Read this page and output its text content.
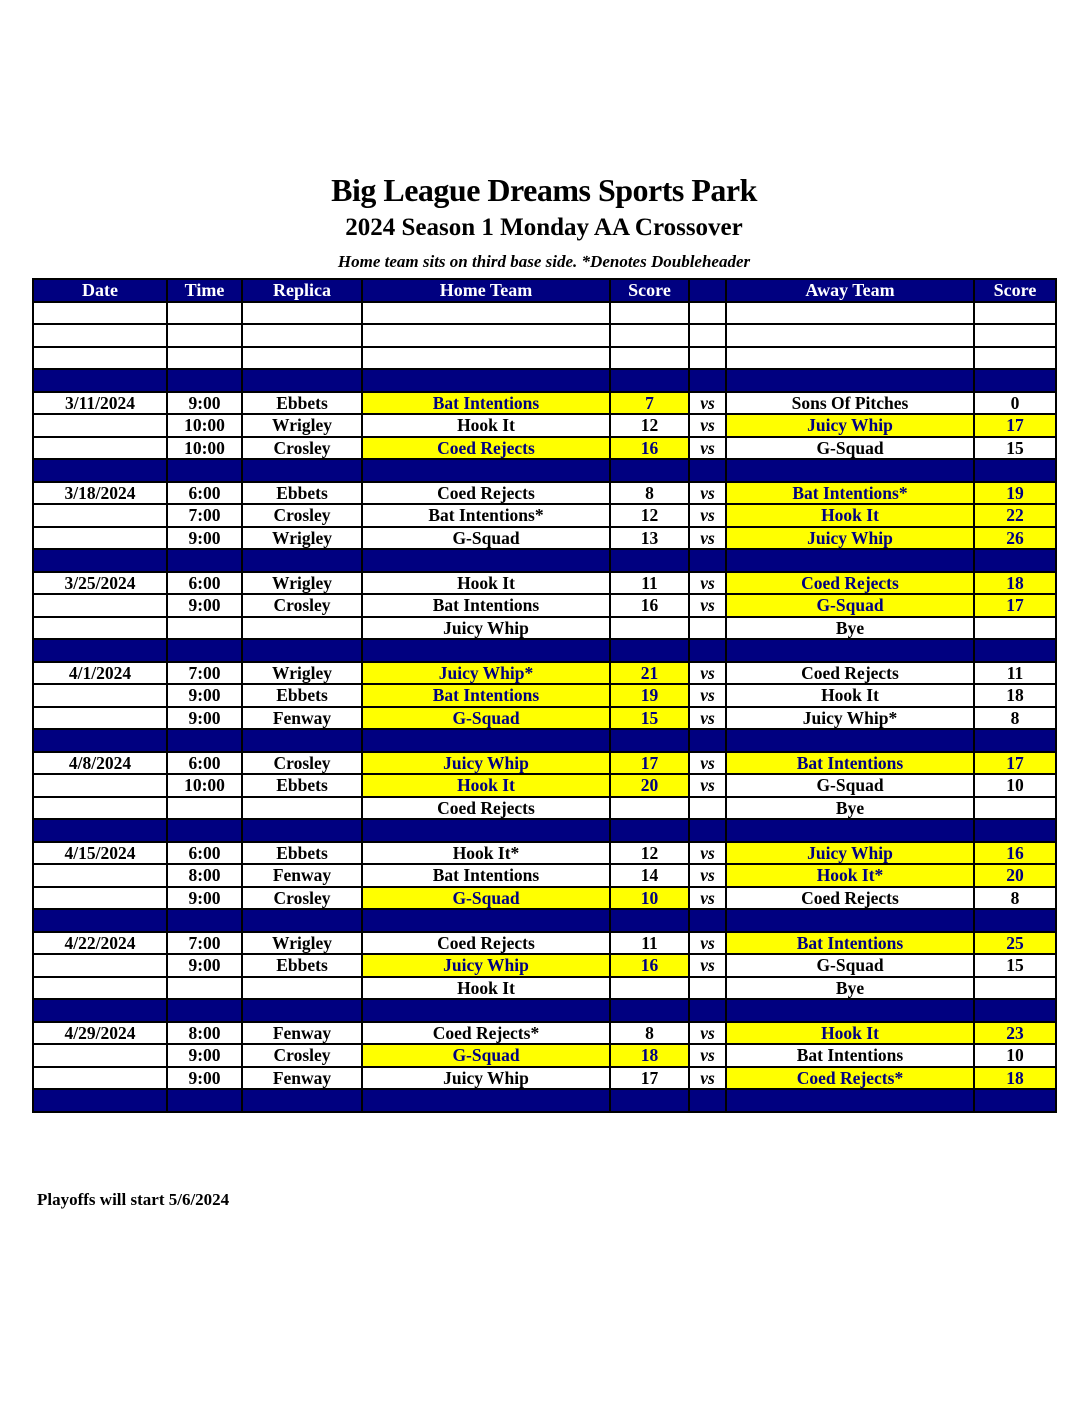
Big League Dreams Sports Park
2024 Season 1 Monday AA Crossover
Home team sits on third base side. *Denotes Doubleheader
Date	Time	Replica	Home Team	Score		Away Team	Score

3/11/2024	9:00	Ebbets	Bat Intentions	7	vs	Sons Of Pitches	0
	10:00	Wrigley	Hook It	12	vs	Juicy Whip	17
	10:00	Crosley	Coed Rejects	16	vs	G-Squad	15

3/18/2024	6:00	Ebbets	Coed Rejects	8	vs	Bat Intentions*	19
	7:00	Crosley	Bat Intentions*	12	vs	Hook It	22
	9:00	Wrigley	G-Squad	13	vs	Juicy Whip	26

3/25/2024	6:00	Wrigley	Hook It	11	vs	Coed Rejects	18
	9:00	Crosley	Bat Intentions	16	vs	G-Squad	17
			Juicy Whip			Bye	

4/1/2024	7:00	Wrigley	Juicy Whip*	21	vs	Coed Rejects	11
	9:00	Ebbets	Bat Intentions	19	vs	Hook It	18
	9:00	Fenway	G-Squad	15	vs	Juicy Whip*	8

4/8/2024	6:00	Crosley	Juicy Whip	17	vs	Bat Intentions	17
	10:00	Ebbets	Hook It	20	vs	G-Squad	10
			Coed Rejects			Bye	

4/15/2024	6:00	Ebbets	Hook It*	12	vs	Juicy Whip	16
	8:00	Fenway	Bat Intentions	14	vs	Hook It*	20
	9:00	Crosley	G-Squad	10	vs	Coed Rejects	8

4/22/2024	7:00	Wrigley	Coed Rejects	11	vs	Bat Intentions	25
	9:00	Ebbets	Juicy Whip	16	vs	G-Squad	15
			Hook It			Bye	

4/29/2024	8:00	Fenway	Coed Rejects*	8	vs	Hook It	23
	9:00	Crosley	G-Squad	18	vs	Bat Intentions	10
	9:00	Fenway	Juicy Whip	17	vs	Coed Rejects*	18

Playoffs will start 5/6/2024
